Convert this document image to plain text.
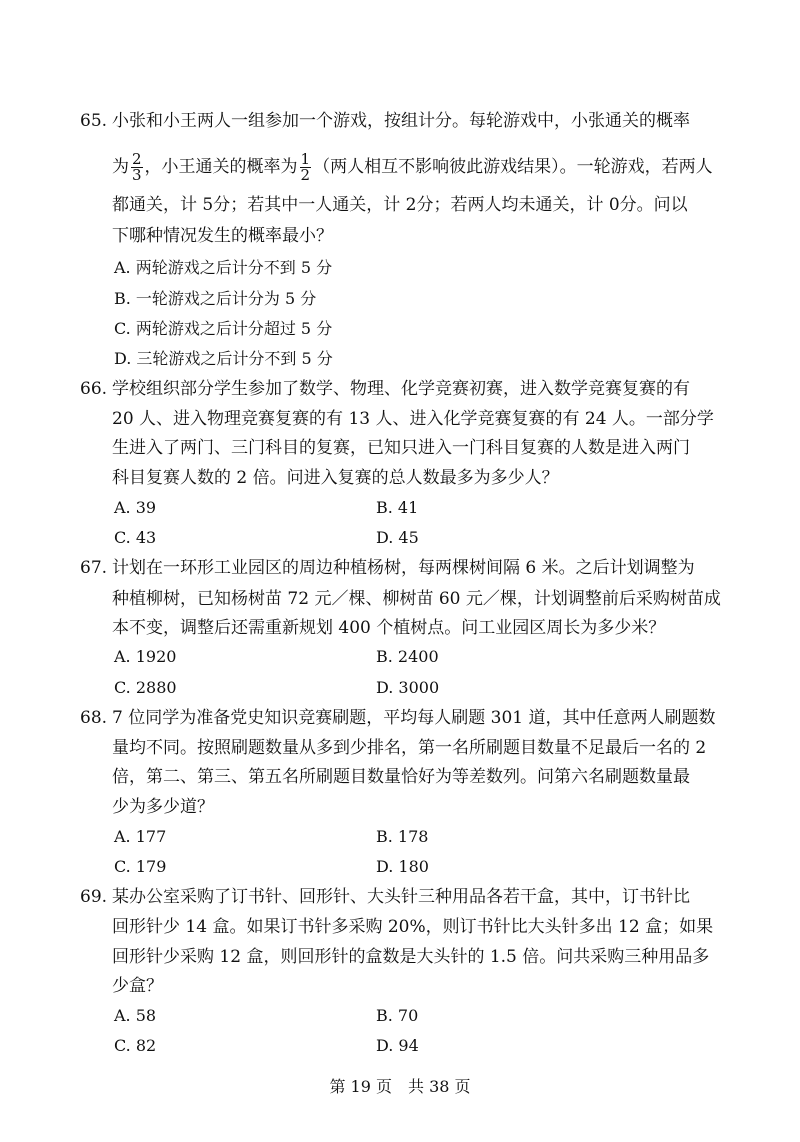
65. 小张和小王两人一组参加一个游戏，按组计分。每轮游戏中，小张通关的概率
为 $\frac{2}{3}$ ，小王通关的概率为 $\frac{1}{2}$ （两人相互不影响彼此游戏结果）。一轮游戏，若两人
都通关，计 5分；若其中一人通关，计 2分；若两人均未通关，计 0分。问以
下哪种情况发生的概率最小？
A. 两轮游戏之后计分不到 5 分
B. 一轮游戏之后计分为 5 分
C. 两轮游戏之后计分超过 5 分
D. 三轮游戏之后计分不到 5 分
66. 学校组织部分学生参加了数学、物理、化学竞赛初赛，进入数学竞赛复赛的有
20 人、进入物理竞赛复赛的有 13 人、进入化学竞赛复赛的有 24 人。一部分学
生进入了两门、三门科目的复赛，已知只进入一门科目复赛的人数是进入两门
科目复赛人数的 2 倍。问进入复赛的总人数最多为多少人？
A. 39	B. 41
C. 43	D. 45
67. 计划在一环形工业园区的周边种植杨树，每两棵树间隔 6 米。之后计划调整为
种植柳树，已知杨树苗 72 元／棵、柳树苗 60 元／棵，计划调整前后采购树苗成
本不变，调整后还需重新规划 400 个植树点。问工业园区周长为多少米？
A. 1920	B. 2400
C. 2880	D. 3000
68. 7 位同学为准备党史知识竞赛刷题，平均每人刷题 301 道，其中任意两人刷题数
量均不同。按照刷题数量从多到少排名，第一名所刷题目数量不足最后一名的 2
倍，第二、第三、第五名所刷题目数量恰好为等差数列。问第六名刷题数量最
少为多少道？
A. 177	B. 178
C. 179	D. 180
69. 某办公室采购了订书针、回形针、大头针三种用品各若干盒，其中，订书针比
回形针少 14 盒。如果订书针多采购 20%，则订书针比大头针多出 12 盒；如果
回形针少采购 12 盒，则回形针的盒数是大头针的 1.5 倍。问共采购三种用品多
少盒？
A. 58	B. 70
C. 82	D. 94
第 19 页　共 38 页
